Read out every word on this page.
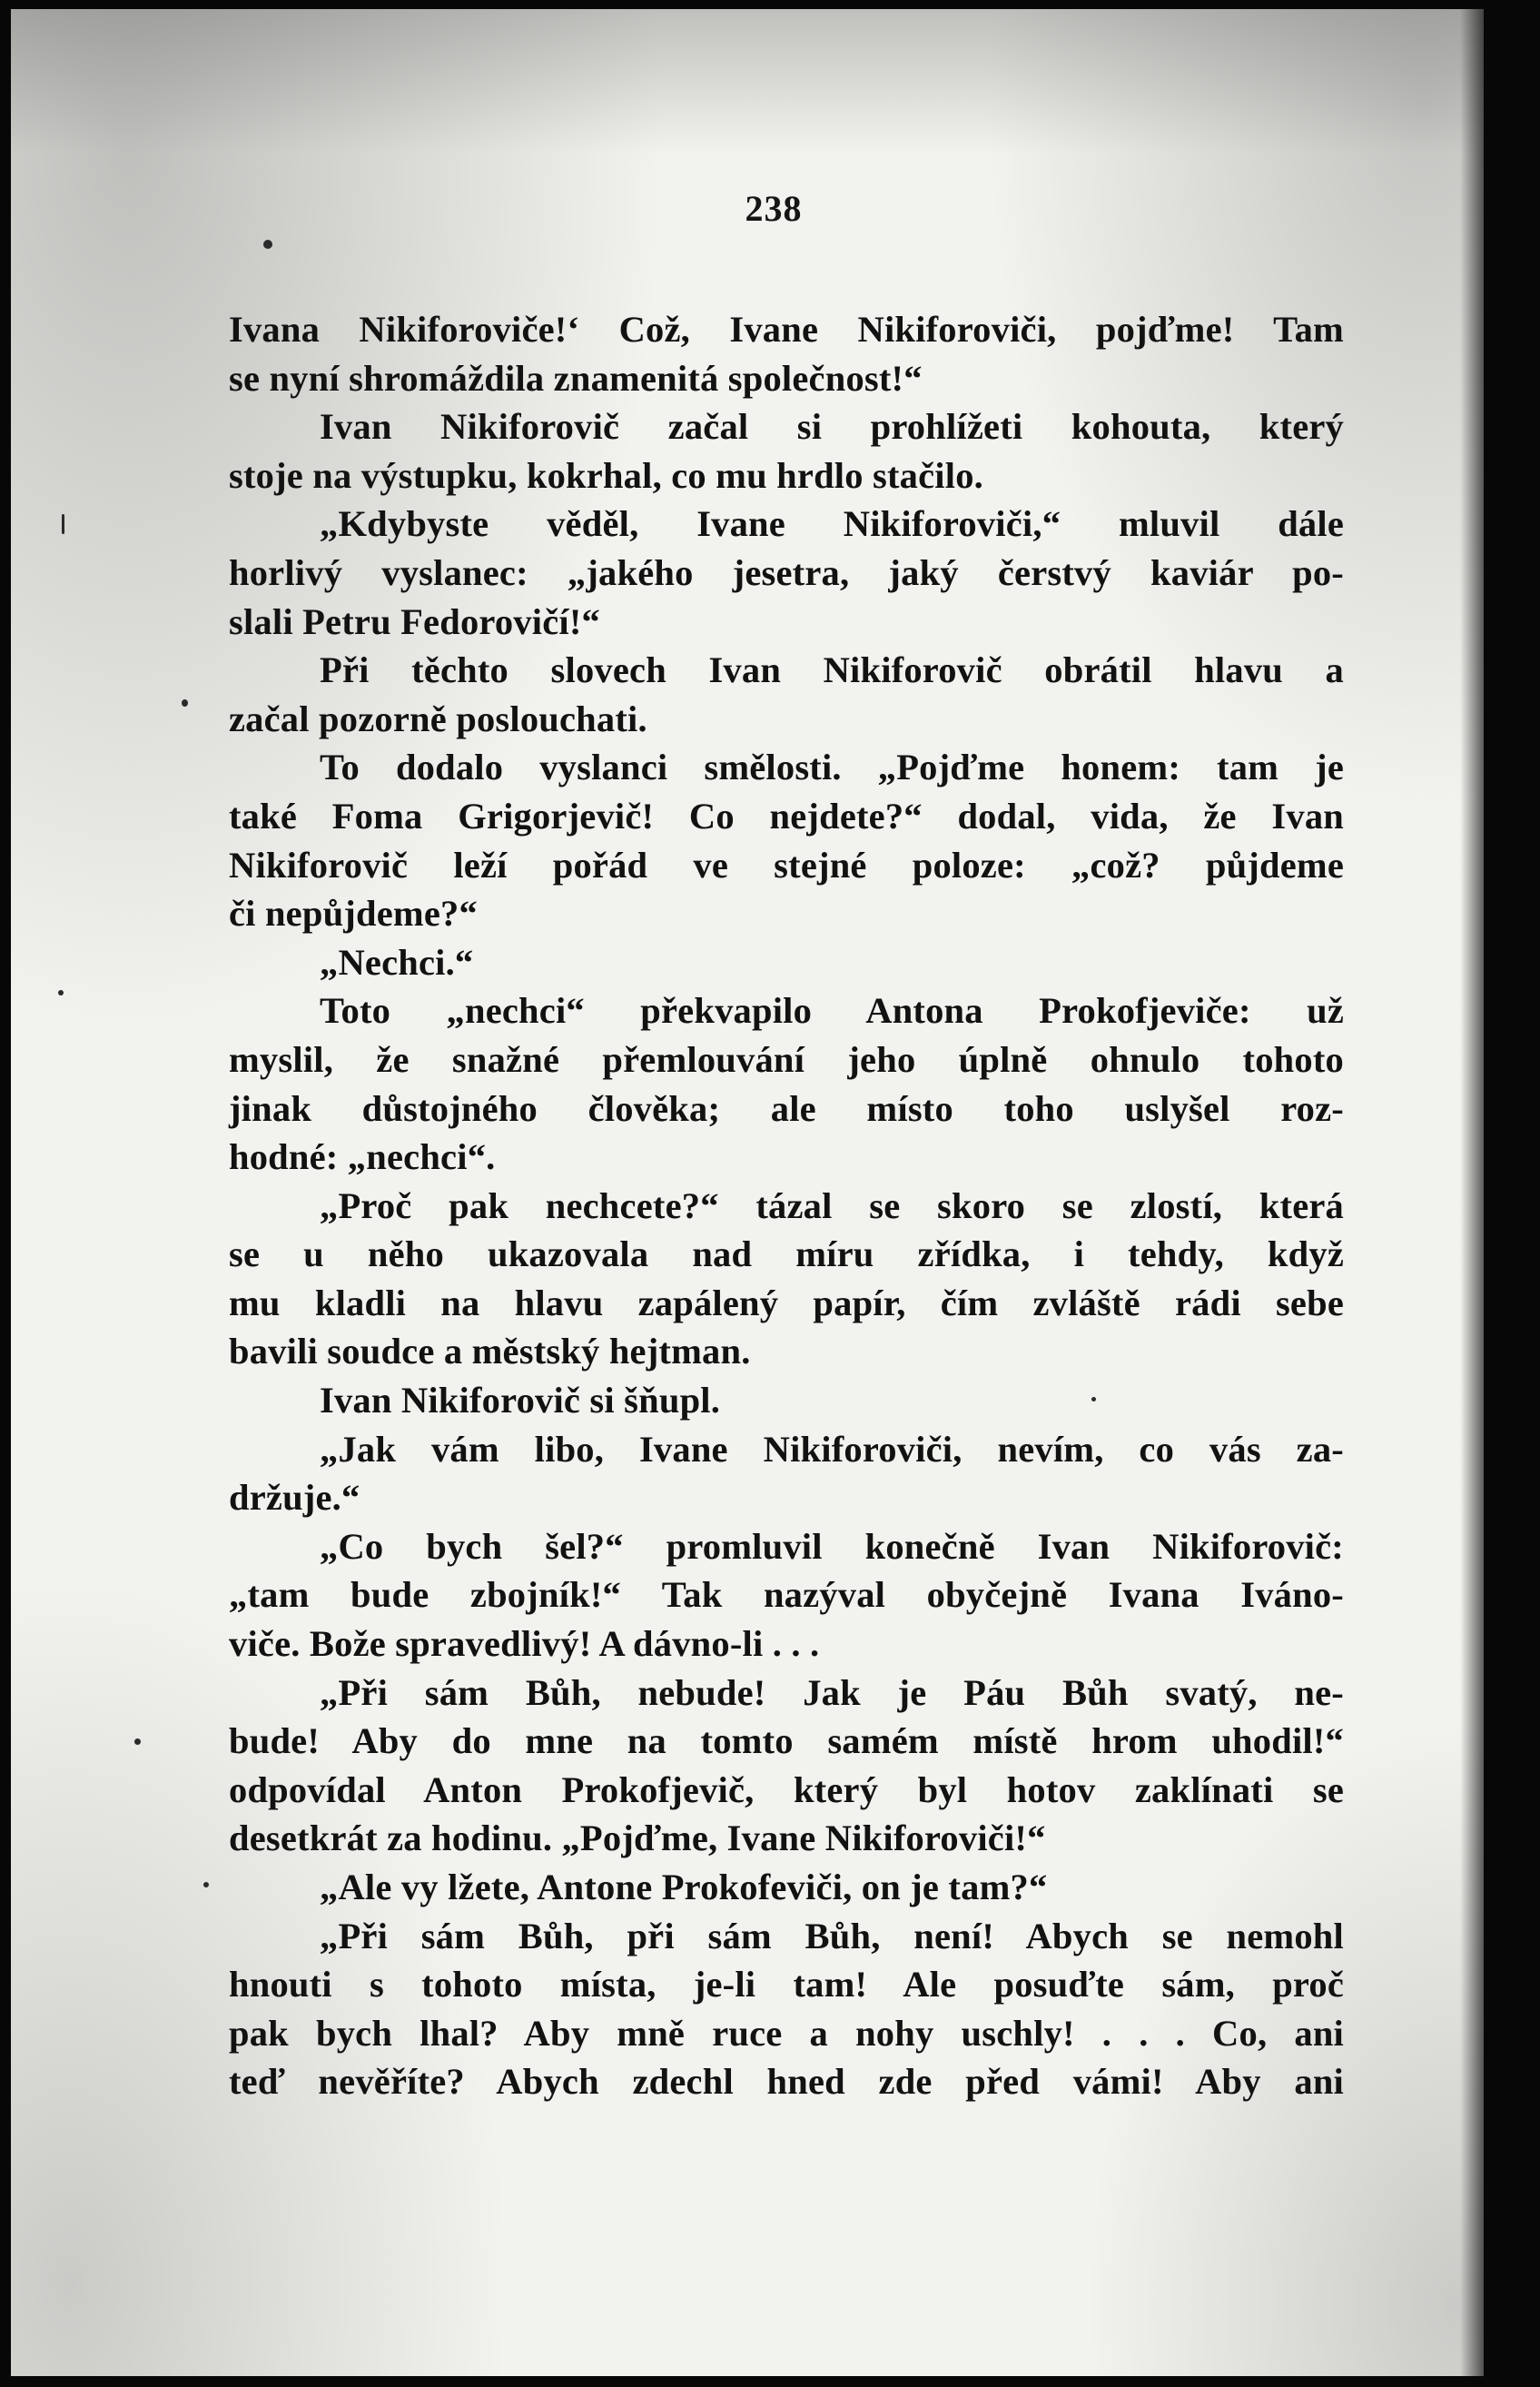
238
Ivana Nikiforoviče!‘ Což, Ivane Nikiforoviči, pojďme! Tam
se nyní shromáždila znamenitá společnost!“
Ivan Nikiforovič začal si prohlížeti kohouta, který
stoje na výstupku, kokrhal, co mu hrdlo stačilo.
„Kdybyste věděl, Ivane Nikiforoviči,“ mluvil dále
horlivý vyslanec: „jakého jesetra, jaký čerstvý kaviár po-
slali Petru Fedorovičí!“
Při těchto slovech Ivan Nikiforovič obrátil hlavu a
začal pozorně poslouchati.
To dodalo vyslanci smělosti. „Pojďme honem: tam je
také Foma Grigorjevič! Co nejdete?“ dodal, vida, že Ivan
Nikiforovič leží pořád ve stejné poloze: „což? půjdeme
či nepůjdeme?“
„Nechci.“
Toto „nechci“ překvapilo Antona Prokofjeviče: už
myslil, že snažné přemlouvání jeho úplně ohnulo tohoto
jinak důstojného člověka; ale místo toho uslyšel roz-
hodné: „nechci“.
„Proč pak nechcete?“ tázal se skoro se zlostí, která
se u něho ukazovala nad míru zřídka, i tehdy, když
mu kladli na hlavu zapálený papír, čím zvláště rádi sebe
bavili soudce a městský hejtman.
Ivan Nikiforovič si šňupl.
„Jak vám libo, Ivane Nikiforoviči, nevím, co vás za-
držuje.“
„Co bych šel?“ promluvil konečně Ivan Nikiforovič:
„tam bude zbojník!“ Tak nazýval obyčejně Ivana Ivánо-
viče. Bože spravedlivý! A dávno-li . . .
„Při sám Bůh, nebude! Jak je Páu Bůh svatý, ne-
bude! Aby do mne na tomto samém místě hrom uhodil!“
odpovídal Anton Prokofjevič, který byl hotov zaklínati se
desetkrát za hodinu. „Pojďme, Ivane Nikiforoviči!“
„Ale vy lžete, Antone Prokofeviči, on je tam?“
„Při sám Bůh, při sám Bůh, není! Abych se nemohl
hnouti s tohoto místa, je-li tam! Ale posuďte sám, proč
pak bych lhal? Aby mně ruce a nohy uschly! . . . Co, ani
teď nevěříte? Abych zdechl hned zde před vámi! Aby ani
